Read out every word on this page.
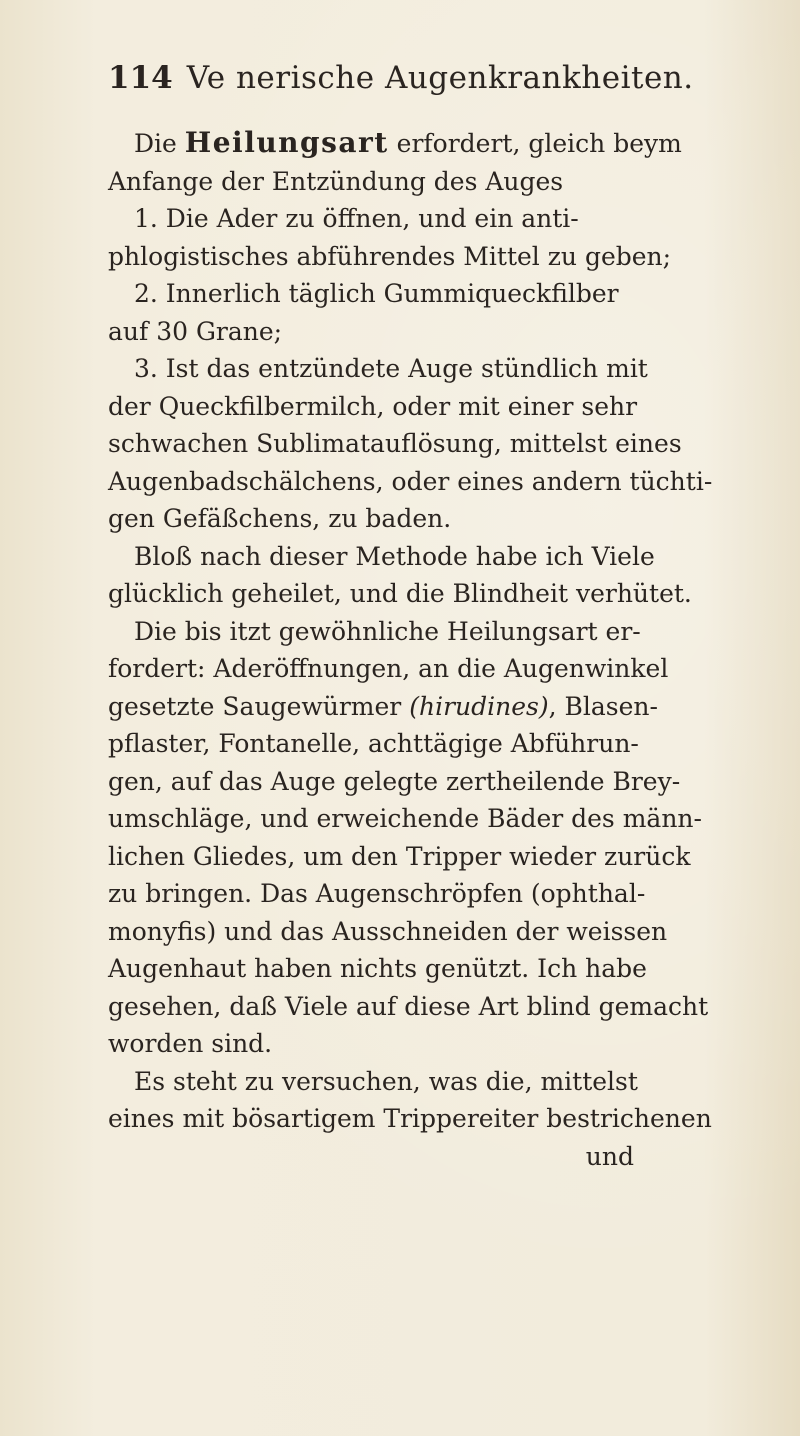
114 Ve nerische Augenkrankheiten.
Die Heilungsart erfordert, gleich beym
Anfange der Entzündung des Auges
1. Die Ader zu öffnen, und ein anti-
phlogistisches abführendes Mittel zu geben;
2. Innerlich täglich Gummiqueckfilber
auf 30 Grane;
3. Ist das entzündete Auge stündlich mit
der Queckfilbermilch, oder mit einer sehr
schwachen Sublimatauflösung, mittelst eines
Augenbadschälchens, oder eines andern tüchti-
gen Gefäßchens, zu baden.
Bloß nach dieser Methode habe ich Viele
glücklich geheilet, und die Blindheit verhütet.
Die bis itzt gewöhnliche Heilungsart er-
fordert: Aderöffnungen, an die Augenwinkel
gesetzte Saugewürmer (hirudines), Blasen-
pflaster, Fontanelle, achttägige Abführun-
gen, auf das Auge gelegte zertheilende Brey-
umschläge, und erweichende Bäder des männ-
lichen Gliedes, um den Tripper wieder zurück
zu bringen. Das Augenschröpfen (ophthal-
monyfis) und das Ausschneiden der weissen
Augenhaut haben nichts genützt. Ich habe
gesehen, daß Viele auf diese Art blind gemacht
worden sind.
Es steht zu versuchen, was die, mittelst
eines mit bösartigem Trippereiter bestrichenen
und
